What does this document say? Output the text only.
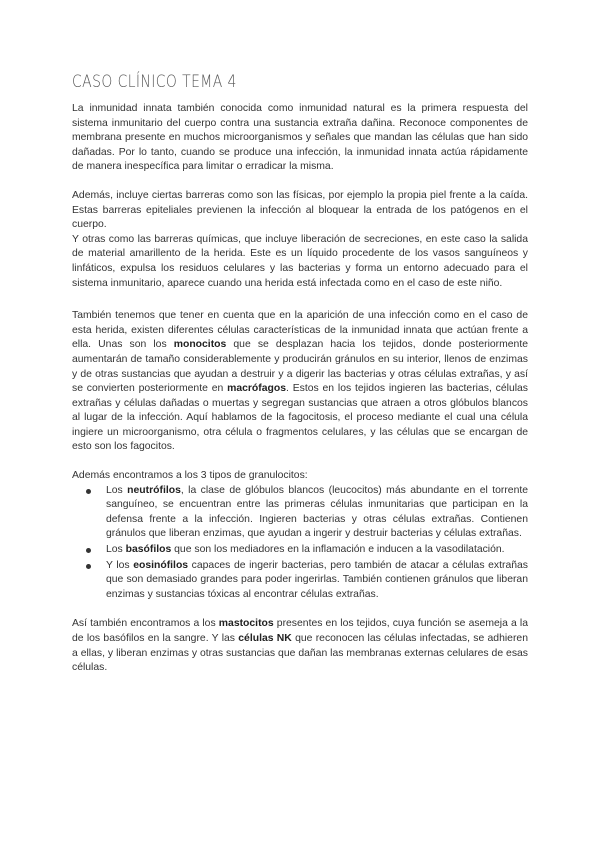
CASO CLÍNICO TEMA 4

La inmunidad innata también conocida como inmunidad natural es la primera respuesta del sistema inmunitario del cuerpo contra una sustancia extraña dañina. Reconoce componentes de membrana presente en muchos microorganismos y señales que mandan las células que han sido dañadas. Por lo tanto, cuando se produce una infección, la inmunidad innata actúa rápidamente de manera inespecífica para limitar o erradicar la misma.

Además, incluye ciertas barreras como son las físicas, por ejemplo la propia piel frente a la caída. Estas barreras epiteliales previenen la infección al bloquear la entrada de los patógenos en el cuerpo.

Y otras como las barreras químicas, que incluye liberación de secreciones, en este caso la salida de material amarillento de la herida. Este es un líquido procedente de los vasos sanguíneos y linfáticos, expulsa los residuos celulares y las bacterias y forma un entorno adecuado para el sistema inmunitario, aparece cuando una herida está infectada como en el caso de este niño.

También tenemos que tener en cuenta que en la aparición de una infección como en el caso de esta herida, existen diferentes células características de la inmunidad innata que actúan frente a ella. Unas son los monocitos que se desplazan hacia los tejidos, donde posteriormente aumentarán de tamaño considerablemente y producirán gránulos en su interior, llenos de enzimas y de otras sustancias que ayudan a destruir y a digerir las bacterias y otras células extrañas, y así se convierten posteriormente en macrófagos. Estos en los tejidos ingieren las bacterias, células extrañas y células dañadas o muertas y segregan sustancias que atraen a otros glóbulos blancos al lugar de la infección. Aquí hablamos de la fagocitosis, el proceso mediante el cual una célula ingiere un microorganismo, otra célula o fragmentos celulares, y las células que se encargan de esto son los fagocitos.

Además encontramos a los 3 tipos de granulocitos:

Los neutrófilos, la clase de glóbulos blancos (leucocitos) más abundante en el torrente sanguíneo, se encuentran entre las primeras células inmunitarias que participan en la defensa frente a la infección. Ingieren bacterias y otras células extrañas. Contienen gránulos que liberan enzimas, que ayudan a ingerir y destruir bacterias y células extrañas.
Los basófilos que son los mediadores en la inflamación e inducen a la vasodilatación.
Y los eosinófilos capaces de ingerir bacterias, pero también de atacar a células extrañas que son demasiado grandes para poder ingerirlas. También contienen gránulos que liberan enzimas y sustancias tóxicas al encontrar células extrañas.

Así también encontramos a los mastocitos presentes en los tejidos, cuya función se asemeja a la de los basófilos en la sangre. Y las células NK que reconocen las células infectadas, se adhieren a ellas, y liberan enzimas y otras sustancias que dañan las membranas externas celulares de esas células.
